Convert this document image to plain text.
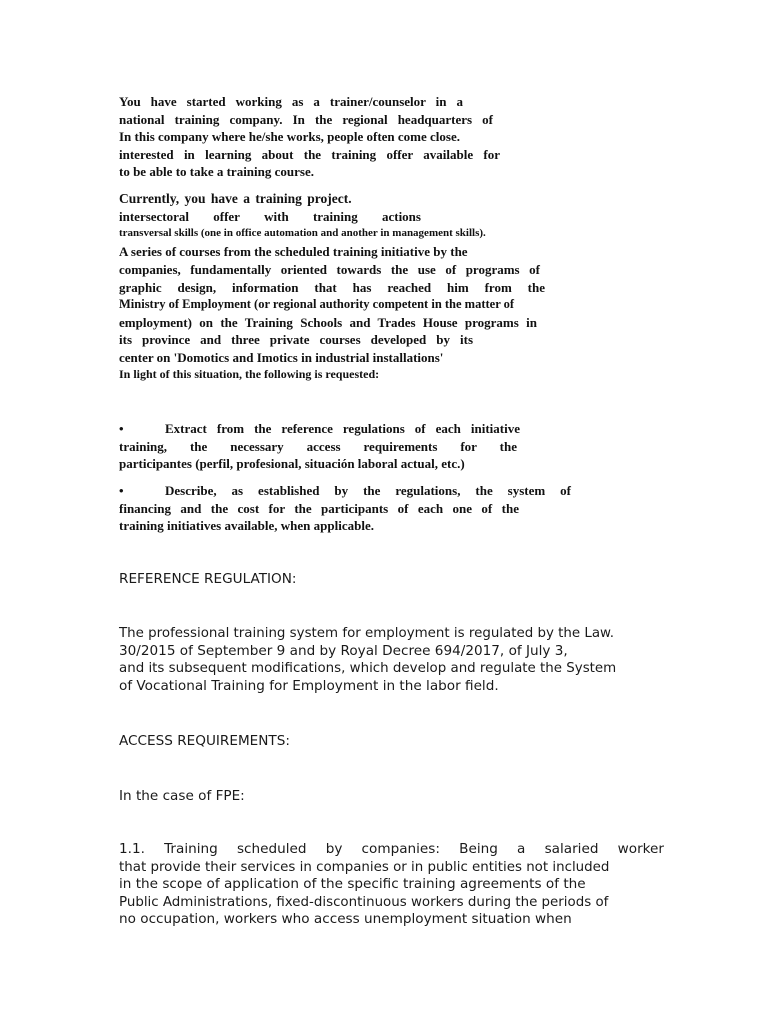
You have started working as a trainer/counselor in a
national training company. In the regional headquarters of
In this company where he/she works, people often come close.
interested in learning about the training offer available for
to be able to take a training course.
Currently, you have a training project.
intersectoral offer with training actions
transversal skills (one in office automation and another in management skills).
A series of courses from the scheduled training initiative by the
companies, fundamentally oriented towards the use of programs of
graphic design, information that has reached him from the
Ministry of Employment (or regional authority competent in the matter of
employment) on the Training Schools and Trades House programs in
its province and three private courses developed by its
center on 'Domotics and Imotics in industrial installations'
In light of this situation, the following is requested:
•	Extract from the reference regulations of each initiative
training, the necessary access requirements for the
participantes (perfil, profesional, situación laboral actual, etc.)
•	Describe, as established by the regulations, the system of
financing and the cost for the participants of each one of the
training initiatives available, when applicable.
REFERENCE REGULATION:
The professional training system for employment is regulated by the Law.
30/2015 of September 9 and by Royal Decree 694/2017, of July 3,
and its subsequent modifications, which develop and regulate the System
of Vocational Training for Employment in the labor field.
ACCESS REQUIREMENTS:
In the case of FPE:
1.1. Training scheduled by companies: Being a salaried worker
that provide their services in companies or in public entities not included
in the scope of application of the specific training agreements of the
Public Administrations, fixed-discontinuous workers during the periods of
no occupation, workers who access unemployment situation when
